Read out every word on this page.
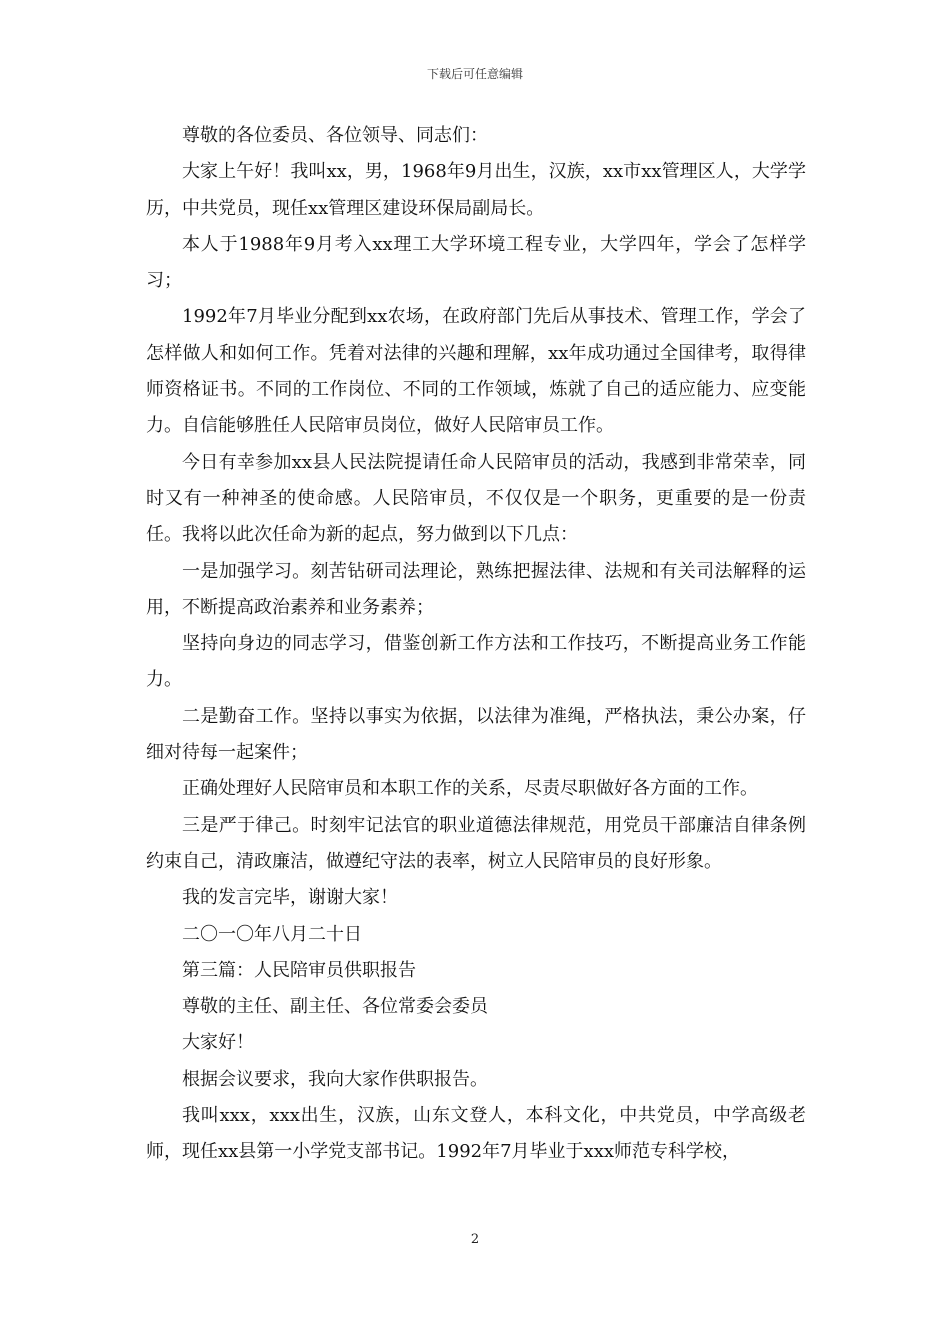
下载后可任意编辑

尊敬的各位委员、各位领导、同志们：

大家上午好！我叫xx，男，1968年9月出生，汉族，xx市xx管理区人，大学学历，中共党员，现任xx管理区建设环保局副局长。

本人于1988年9月考入xx理工大学环境工程专业，大学四年，学会了怎样学习；

1992年7月毕业分配到xx农场，在政府部门先后从事技术、管理工作，学会了怎样做人和如何工作。凭着对法律的兴趣和理解，xx年成功通过全国律考，取得律师资格证书。不同的工作岗位、不同的工作领域，炼就了自己的适应能力、应变能力。自信能够胜任人民陪审员岗位，做好人民陪审员工作。

今日有幸参加xx县人民法院提请任命人民陪审员的活动，我感到非常荣幸，同时又有一种神圣的使命感。人民陪审员，不仅仅是一个职务，更重要的是一份责任。我将以此次任命为新的起点，努力做到以下几点：

一是加强学习。刻苦钻研司法理论，熟练把握法律、法规和有关司法解释的运用，不断提高政治素养和业务素养；

坚持向身边的同志学习，借鉴创新工作方法和工作技巧，不断提高业务工作能力。

二是勤奋工作。坚持以事实为依据，以法律为准绳，严格执法，秉公办案，仔细对待每一起案件；

正确处理好人民陪审员和本职工作的关系，尽责尽职做好各方面的工作。

三是严于律己。时刻牢记法官的职业道德法律规范，用党员干部廉洁自律条例约束自己，清政廉洁，做遵纪守法的表率，树立人民陪审员的良好形象。

我的发言完毕，谢谢大家！

二〇一〇年八月二十日

第三篇：人民陪审员供职报告

尊敬的主任、副主任、各位常委会委员

大家好！

根据会议要求，我向大家作供职报告。

我叫xxx，xxx出生，汉族，山东文登人，本科文化，中共党员，中学高级老师，现任xx县第一小学党支部书记。1992年7月毕业于xxx师范专科学校，

2
